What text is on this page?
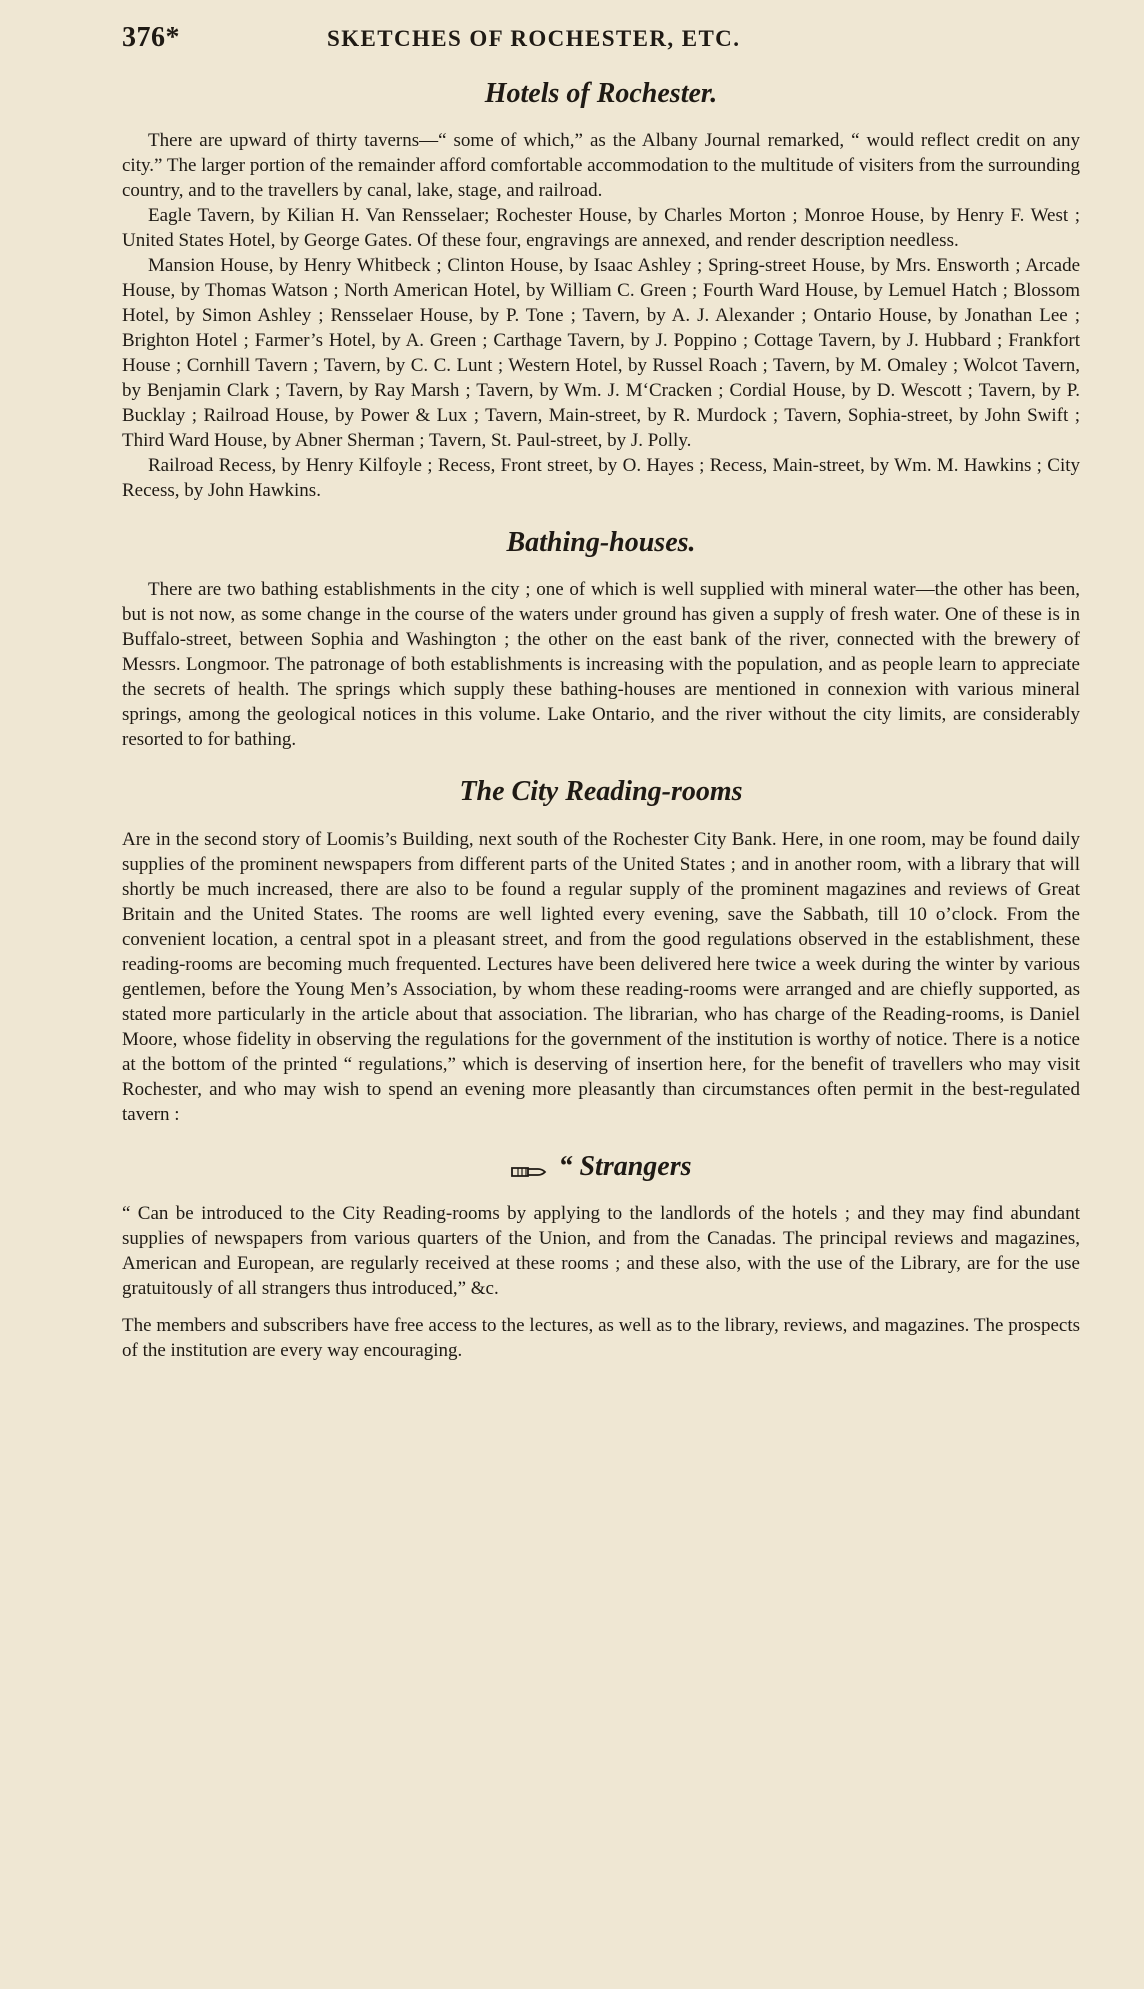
376*	SKETCHES OF ROCHESTER, ETC.
Hotels of Rochester.

There are upward of thirty taverns—“ some of which,” as the Albany Journal remarked, “ would reflect credit on any city.” The larger portion of the remainder afford comfortable accommodation to the multitude of visiters from the surrounding country, and to the travellers by canal, lake, stage, and railroad.

Eagle Tavern, by Kilian H. Van Rensselaer; Rochester House, by Charles Morton ; Monroe House, by Henry F. West ; United States Hotel, by George Gates. Of these four, engravings are annexed, and render description needless.

Mansion House, by Henry Whitbeck ; Clinton House, by Isaac Ashley ; Spring-street House, by Mrs. Ensworth ; Arcade House, by Thomas Watson ; North American Hotel, by William C. Green ; Fourth Ward House, by Lemuel Hatch ; Blossom Hotel, by Simon Ashley ; Rensselaer House, by P. Tone ; Tavern, by A. J. Alexander ; Ontario House, by Jonathan Lee ; Brighton Hotel ; Farmer’s Hotel, by A. Green ; Carthage Tavern, by J. Poppino ; Cottage Tavern, by J. Hubbard ; Frankfort House ; Cornhill Tavern ; Tavern, by C. C. Lunt ; Western Hotel, by Russel Roach ; Tavern, by M. Omaley ; Wolcot Tavern, by Benjamin Clark ; Tavern, by Ray Marsh ; Tavern, by Wm. J. M‘Cracken ; Cordial House, by D. Wescott ; Tavern, by P. Bucklay ; Railroad House, by Power & Lux ; Tavern, Main-street, by R. Murdock ; Tavern, Sophia-street, by John Swift ; Third Ward House, by Abner Sherman ; Tavern, St. Paul-street, by J. Polly.

Railroad Recess, by Henry Kilfoyle ; Recess, Front street, by O. Hayes ; Recess, Main-street, by Wm. M. Hawkins ; City Recess, by John Hawkins.

Bathing-houses.

There are two bathing establishments in the city ; one of which is well supplied with mineral water—the other has been, but is not now, as some change in the course of the waters under ground has given a supply of fresh water. One of these is in Buffalo-street, between Sophia and Washington ; the other on the east bank of the river, connected with the brewery of Messrs. Longmoor. The patronage of both establishments is increasing with the population, and as people learn to appreciate the secrets of health. The springs which supply these bathing-houses are mentioned in connexion with various mineral springs, among the geological notices in this volume. Lake Ontario, and the river without the city limits, are considerably resorted to for bathing.

The City Reading-rooms

Are in the second story of Loomis’s Building, next south of the Rochester City Bank. Here, in one room, may be found daily supplies of the prominent newspapers from different parts of the United States ; and in another room, with a library that will shortly be much increased, there are also to be found a regular supply of the prominent magazines and reviews of Great Britain and the United States. The rooms are well lighted every evening, save the Sabbath, till 10 o’clock. From the convenient location, a central spot in a pleasant street, and from the good regulations observed in the establishment, these reading-rooms are becoming much frequented. Lectures have been delivered here twice a week during the winter by various gentlemen, before the Young Men’s Association, by whom these reading-rooms were arranged and are chiefly supported, as stated more particularly in the article about that association. The librarian, who has charge of the Reading-rooms, is Daniel Moore, whose fidelity in observing the regulations for the government of the institution is worthy of notice. There is a notice at the bottom of the printed “ regulations,” which is deserving of insertion here, for the benefit of travellers who may visit Rochester, and who may wish to spend an evening more pleasantly than circumstances often permit in the best-regulated tavern :

“ Strangers

“ Can be introduced to the City Reading-rooms by applying to the landlords of the hotels ; and they may find abundant supplies of newspapers from various quarters of the Union, and from the Canadas. The principal reviews and magazines, American and European, are regularly received at these rooms ; and these also, with the use of the Library, are for the use gratuitously of all strangers thus introduced,” &c.

The members and subscribers have free access to the lectures, as well as to the library, reviews, and magazines. The prospects of the institution are every way encouraging.
